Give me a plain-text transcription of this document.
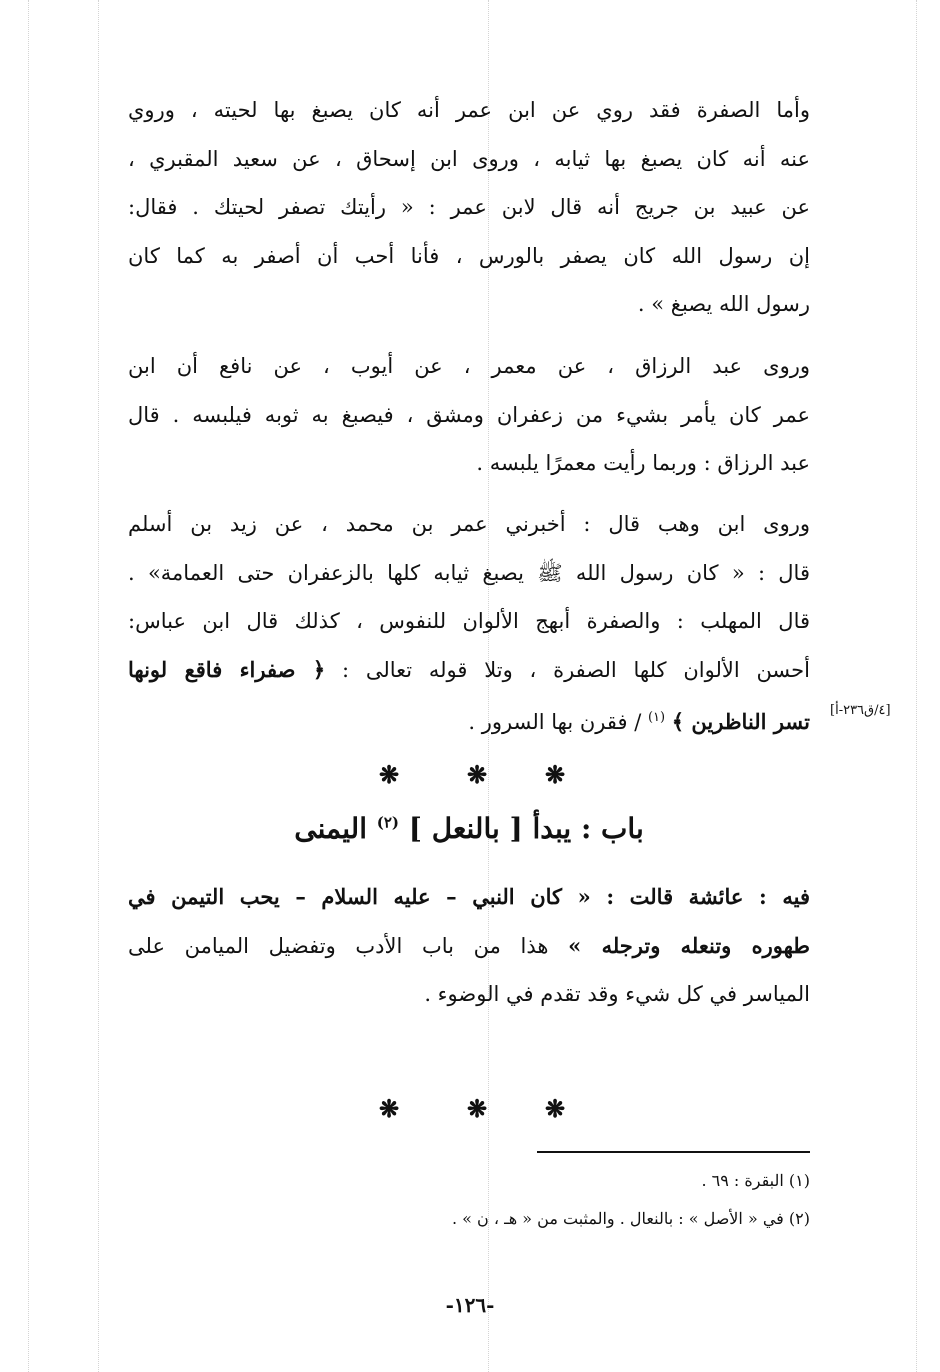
وأما الصفرة فقد روي عن ابن عمر أنه كان يصبغ بها لحيته ، وروي
عنه أنه كان يصبغ بها ثيابه ، وروى ابن إسحاق ، عن سعيد المقبري ،
عن عبيد بن جريج أنه قال لابن عمر : « رأيتك تصفر لحيتك . فقال:
إن رسول الله كان يصفر بالورس ، فأنا أحب أن أصفر به كما كان
رسول الله يصبغ » .
وروى عبد الرزاق ، عن معمر ، عن أيوب ، عن نافع أن ابن
عمر كان يأمر بشيء من زعفران ومشق ، فيصبغ به ثوبه فيلبسه . قال
عبد الرزاق : وربما رأيت معمرًا يلبسه .
وروى ابن وهب قال : أخبرني عمر بن محمد ، عن زيد بن أسلم
قال : « كان رسول الله ﷺ يصبغ ثيابه كلها بالزعفران حتى العمامة» .
قال المهلب : والصفرة أبهج الألوان للنفوس ، كذلك قال ابن عباس:
أحسن الألوان كلها الصفرة ، وتلا قوله تعالى : ﴿ صفراء فاقع لونها
تسر الناظرين ﴾ $^{(١)}$ / فقرن بها السرور .	[٤/ق٢٣٦-أ]
❋	❋ ❋
باب : يبدأ [ بالنعل ] $^{(٢)}$ اليمنى
فيه : عائشة قالت : « كان النبي – عليه السلام – يحب التيمن في
طهوره وتنعله وترجله » هذا من باب الأدب وتفضيل الميامن على
المياسر في كل شيء وقد تقدم في الوضوء .
❋	❋ ❋
(١) البقرة : ٦٩ .
(٢) في « الأصل » : بالنعال . والمثبت من « هـ ، ن » .
-١٢٦-
